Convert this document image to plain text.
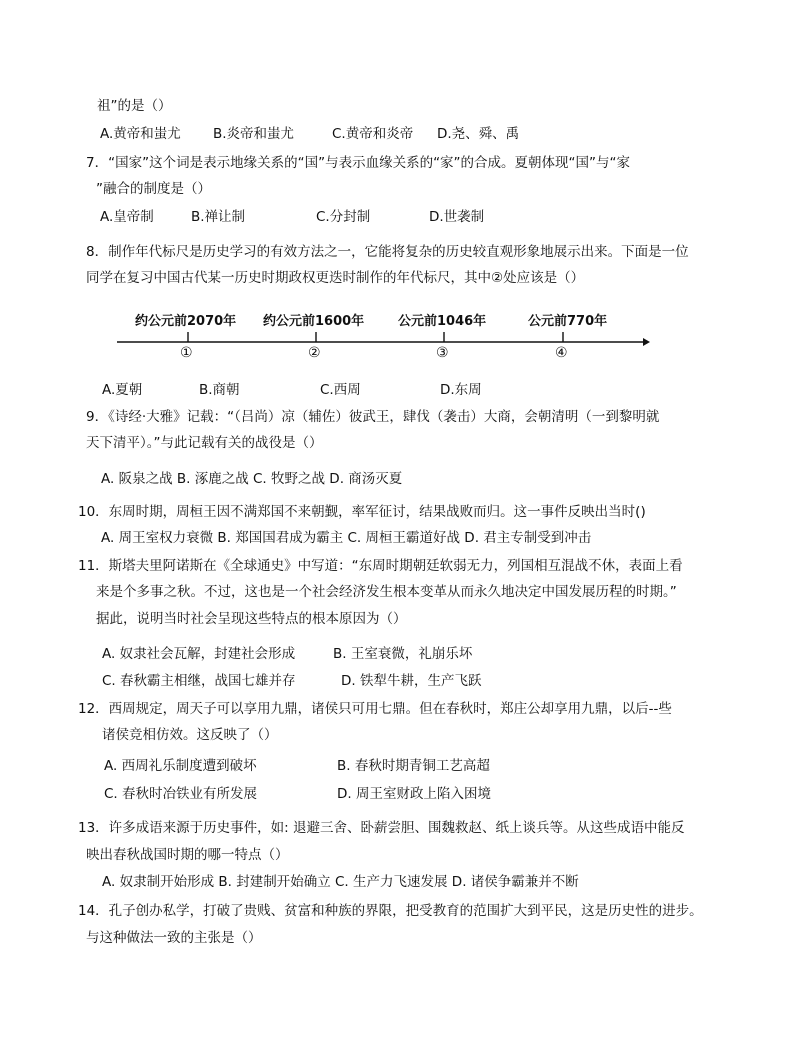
祖”的是（）
A.黄帝和蚩尤 B.炎帝和蚩尤	C.黄帝和炎帝 D.尧、舜、禹
7．“国家”这个词是表示地缘关系的“国”与表示血缘关系的“家”的合成。夏朝体现“国”与“家
”融合的制度是（）
A.皇帝制	B.禅让制	C.分封制	D.世袭制
8．制作年代标尺是历史学习的有效方法之一，它能将复杂的历史较直观形象地展示出来。下面是一位
同学在复习中国古代某一历史时期政权更迭时制作的年代标尺，其中②处应该是（）
约公元前2070年 约公元前1600年	公元前1046年	公元前770年
①	②	③	④
A.夏朝	B.商朝	C.西周	D.东周
9．《诗经·大雅》记载：“（吕尚）凉（辅佐）彼武王，肆伐（袭击）大商，会朝清明（一到黎明就
天下清平）。”与此记载有关的战役是（）
A. 阪泉之战 B. 涿鹿之战 C. 牧野之战 D. 商汤灭夏
10．东周时期，周桓王因不满郑国不来朝觐，率军征讨，结果战败而归。这一事件反映出当时()
A. 周王室权力衰微 B. 郑国国君成为霸主 C. 周桓王霸道好战 D. 君主专制受到冲击
11．斯塔夫里阿诺斯在《全球通史》中写道：“东周时期朝廷软弱无力，列国相互混战不休，表面上看
来是个多事之秋。不过，这也是一个社会经济发生根本变革从而永久地决定中国发展历程的时期。”
据此，说明当时社会呈现这些特点的根本原因为（）
A. 奴隶社会瓦解，封建社会形成	B. 王室衰微，礼崩乐坏
C. 春秋霸主相继，战国七雄并存	D. 铁犁牛耕，生产飞跃
12．西周规定，周天子可以享用九鼎，诸侯只可用七鼎。但在春秋时，郑庄公却享用九鼎，以后--些
诸侯竞相仿效。这反映了（）
A. 西周礼乐制度遭到破坏	B. 春秋时期青铜工艺高超
C. 春秋时冶铁业有所发展	D. 周王室财政上陷入困境
13．许多成语来源于历史事件，如: 退避三舍、卧薪尝胆、围魏救赵、纸上谈兵等。从这些成语中能反
映出春秋战国时期的哪一特点（）
A. 奴隶制开始形成 B. 封建制开始确立 C. 生产力飞速发展 D. 诸侯争霸兼并不断
14．孔子创办私学，打破了贵贱、贫富和种族的界限，把受教育的范围扩大到平民，这是历史性的进步。
与这种做法一致的主张是（）
